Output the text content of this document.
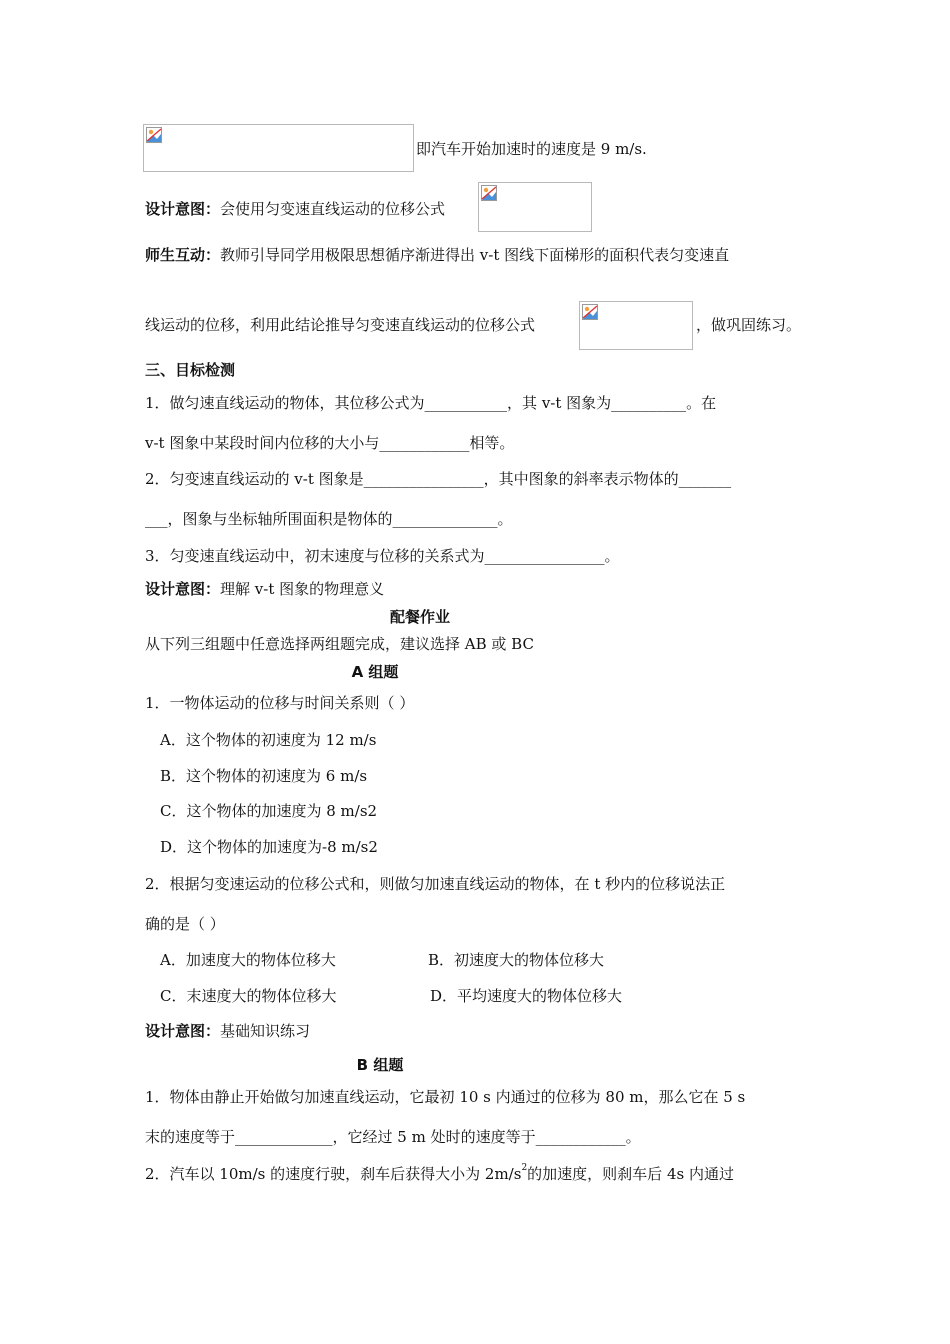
即汽车开始加速时的速度是 9 m/s.
设计意图：会使用匀变速直线运动的位移公式
师生互动：教师引导同学用极限思想循序渐进得出 v-t 图线下面梯形的面积代表匀变速直
线运动的位移，利用此结论推导匀变速直线运动的位移公式	，做巩固练习。
三、目标检测
1．做匀速直线运动的物体，其位移公式为___________，其 v-t 图象为__________。在
v-t 图象中某段时间内位移的大小与____________相等。
2．匀变速直线运动的 v-t 图象是________________，其中图象的斜率表示物体的_______
___，图象与坐标轴所围面积是物体的______________。
3．匀变速直线运动中，初末速度与位移的关系式为________________。
设计意图：理解 v-t 图象的物理意义
配餐作业
从下列三组题中任意选择两组题完成，建议选择 AB 或 BC
A 组题
1．一物体运动的位移与时间关系则（ ）
A．这个物体的初速度为 12 m/s
B．这个物体的初速度为 6 m/s
C．这个物体的加速度为 8 m/s2
D．这个物体的加速度为-8 m/s2
2．根据匀变速运动的位移公式和，则做匀加速直线运动的物体，在 t 秒内的位移说法正
确的是（ ）
A．加速度大的物体位移大	B．初速度大的物体位移大
C．末速度大的物体位移大	D．平均速度大的物体位移大
设计意图：基础知识练习
B 组题
1．物体由静止开始做匀加速直线运动，它最初 10 s 内通过的位移为 80 m，那么它在 5 s
末的速度等于_____________，它经过 5 m 处时的速度等于____________。
2．汽车以 10m/s 的速度行驶，刹车后获得大小为 $2m/s^2$的加速度，则刹车后 4s 内通过
